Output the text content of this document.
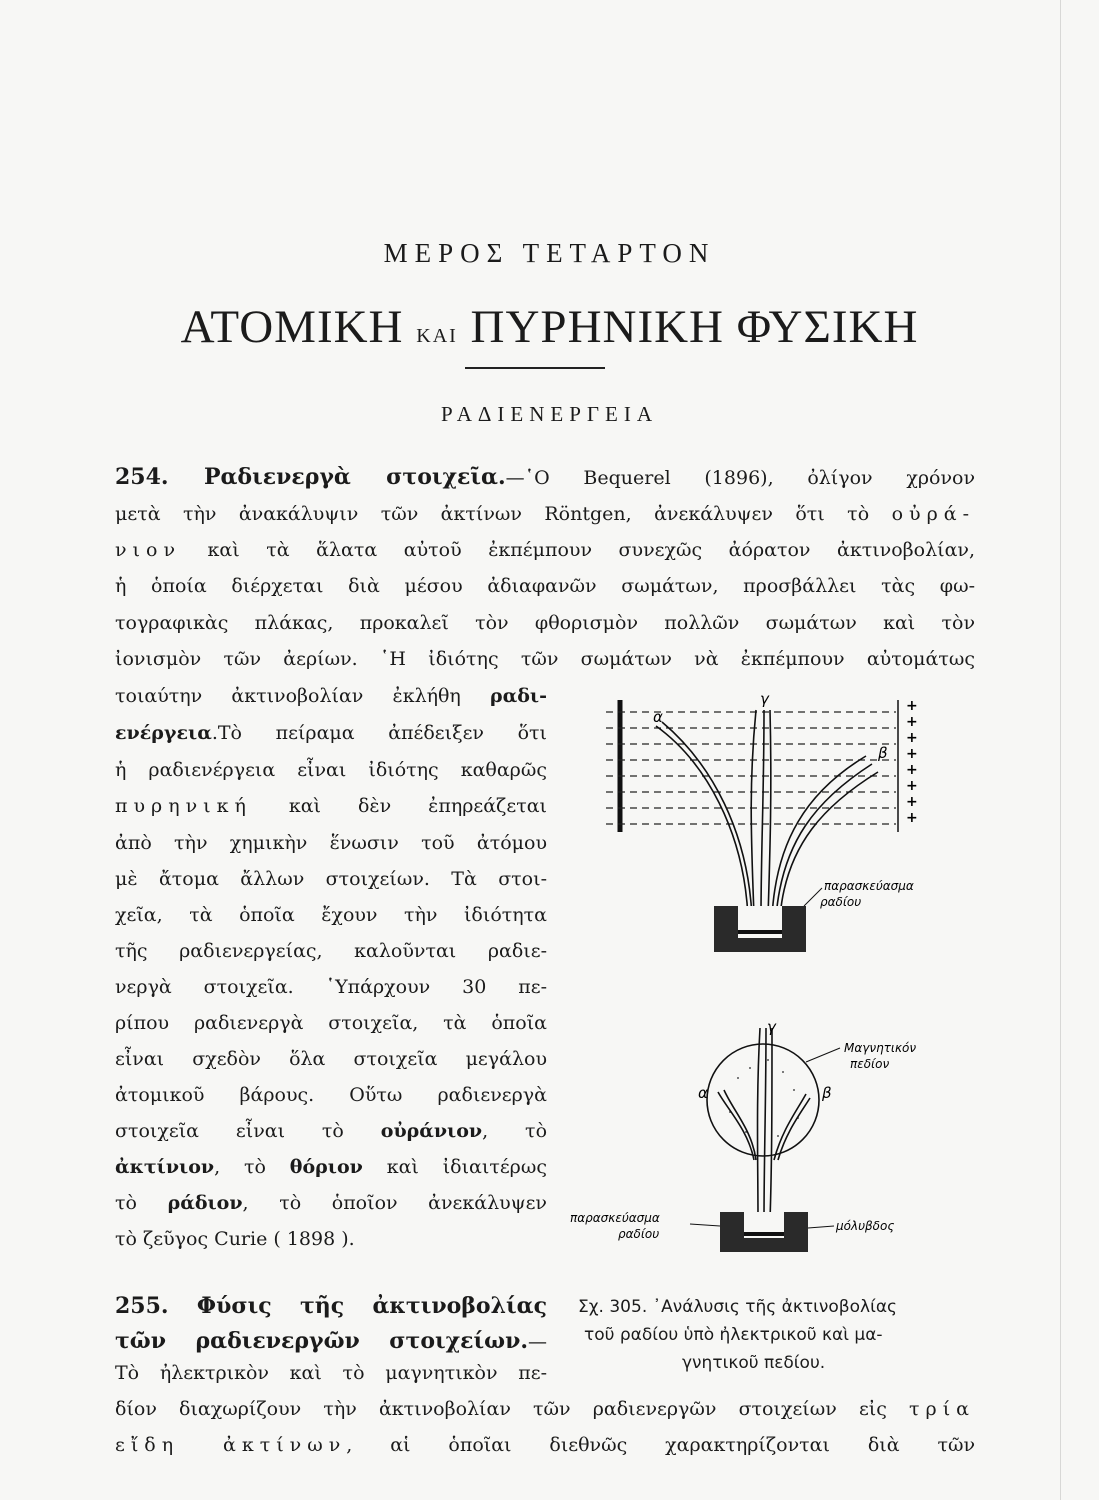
ΜΕΡΟΣ ΤΕΤΑΡΤΟΝ
ΑΤΟΜΙΚΗ ΚΑΙ ΠΥΡΗΝΙΚΗ ΦΥΣΙΚΗ
ΡΑΔΙΕΝΕΡΓΕΙΑ
254. Ραδιενεργὰ στοιχεῖα.—῾Ο Bequerel (1896), ὀλίγον χρόνον
μετὰ τὴν ἀνακάλυψιν τῶν ἀκτίνων Röntgen, ἀνεκάλυψεν ὅτι τὸ οὐρά-
νιον καὶ τὰ ἅλατα αὐτοῦ ἐκπέμπουν συνεχῶς ἀόρατον ἀκτινοβολίαν,
ἡ ὁποία διέρχεται διὰ μέσου ἀδιαφανῶν σωμάτων, προσβάλλει τὰς φω-
τογραφικὰς πλάκας, προκαλεῖ τὸν φθορισμὸν πολλῶν σωμάτων καὶ τὸν
ἰονισμὸν τῶν ἀερίων. ῾Η ἰδιότης τῶν σωμάτων νὰ ἐκπέμπουν αὐτομάτως
τοιαύτην ἀκτινοβολίαν ἐκλήθη ραδι-
ενέργεια.Τὸ πείραμα ἀπέδειξεν ὅτι
ἡ ραδιενέργεια εἶναι ἰδιότης καθαρῶς
πυρηνική καὶ δὲν ἐπηρεάζεται
ἀπὸ τὴν χημικὴν ἕνωσιν τοῦ ἀτόμου
μὲ ἄτομα ἄλλων στοιχείων. Τὰ στοι-
χεῖα, τὰ ὁποῖα ἔχουν τὴν ἰδιότητα
τῆς ραδιενεργείας, καλοῦνται ραδιε-
νεργὰ στοιχεῖα. ῾Υπάρχουν 30 πε-
ρίπου ραδιενεργὰ στοιχεῖα, τὰ ὁποῖα
εἶναι σχεδὸν ὅλα στοιχεῖα μεγάλου
ἀτομικοῦ βάρους. Οὕτω ραδιενεργὰ
στοιχεῖα εἶναι τὸ οὐράνιον, τὸ
ἀκτίνιον, τὸ θόριον καὶ ἰδιαιτέρως
τὸ ράδιον, τὸ ὁποῖον ἀνεκάλυψεν
τὸ ζεῦγος Curie ( 1898 ).
255. Φύσις τῆς ἀκτινοβολίας
τῶν ραδιενεργῶν στοιχείων.—
Τὸ ἠλεκτρικὸν καὶ τὸ μαγνητικὸν πε-
δίον διαχωρίζουν τὴν ἀκτινοβολίαν τῶν ραδιενεργῶν στοιχείων εἰς τρία
εἴδη ἀκτίνων, αἱ ὁποῖαι διεθνῶς χαρακτηρίζονται διὰ τῶν
α
γ
β
+
+
+
+
+
+
+
+
παρασκεύασμα
ραδίου
γ
α	β
Μαγνητικόν
πεδίον
μόλυβδος
παρασκεύασμα
ραδίου
Σχ. 305. ᾿Ανάλυσις τῆς ἀκτινοβολίας
τοῦ ραδίου ὑπὸ ἠλεκτρικοῦ καὶ μα-
γνητικοῦ πεδίου.
